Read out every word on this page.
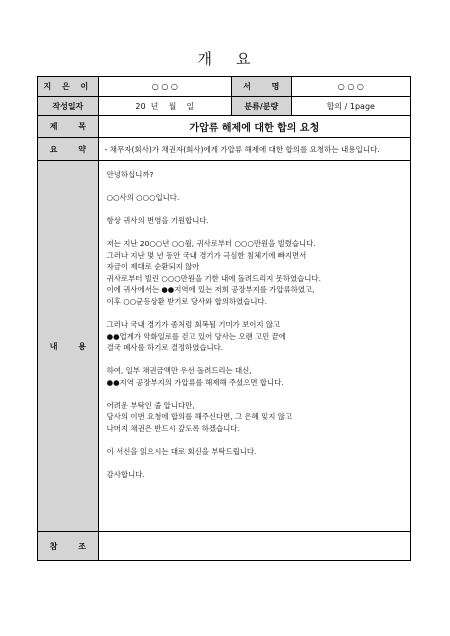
개 요
지 은 이	○ ○ ○	서 명	○ ○ ○
작성일자	20  년    월    일	분류/분량	합의 / 1page
제 목	가압류 해제에 대한 합의 요청
요 약	- 채무자(회사)가 채권자(회사)에게 가압류 해제에 대한 합의를 요청하는 내용입니다.
내 용
안녕하십니까?
○○사의 ○○○입니다.
항상 귀사의 번영을 기원합니다.
저는 지난 20○○년 ○○월, 귀사로부터 ○○○만원을 빌렸습니다.
그러나 지난 몇 년 동안 국내 경기가 극심한 침체기에 빠지면서
자금이 제대로 순환되지 않아
귀사로부터 빌린 ○○○만원을 기한 내에 돌려드리지 못하였습니다.
이에 귀사에서는 ●●지역에 있는 저희 공장부지를 가압류하였고,
이후 ○○균등상환 받기로 당사와 합의하였습니다.
그러나 국내 경기가 좀처럼 회복될 기미가 보이지 않고
●●업계가 악화일로를 걷고 있어 당사는 오랜 고민 끝에
결국 폐사를 하기로 결정하였습니다.
하여, 일부 채권금액만 우선 돌려드리는 대신,
●●지역 공장부지의 가압류를 해제해 주셨으면 합니다.
어려운 부탁인 줄 압니다만,
당사의 이번 요청에 합의를 해주신다면, 그 은혜 잊지 않고
나머지 채권은 반드시 갚도록 하겠습니다.
이 서신을 읽으시는 대로 회신을 부탁드립니다.
감사합니다.
참 조
